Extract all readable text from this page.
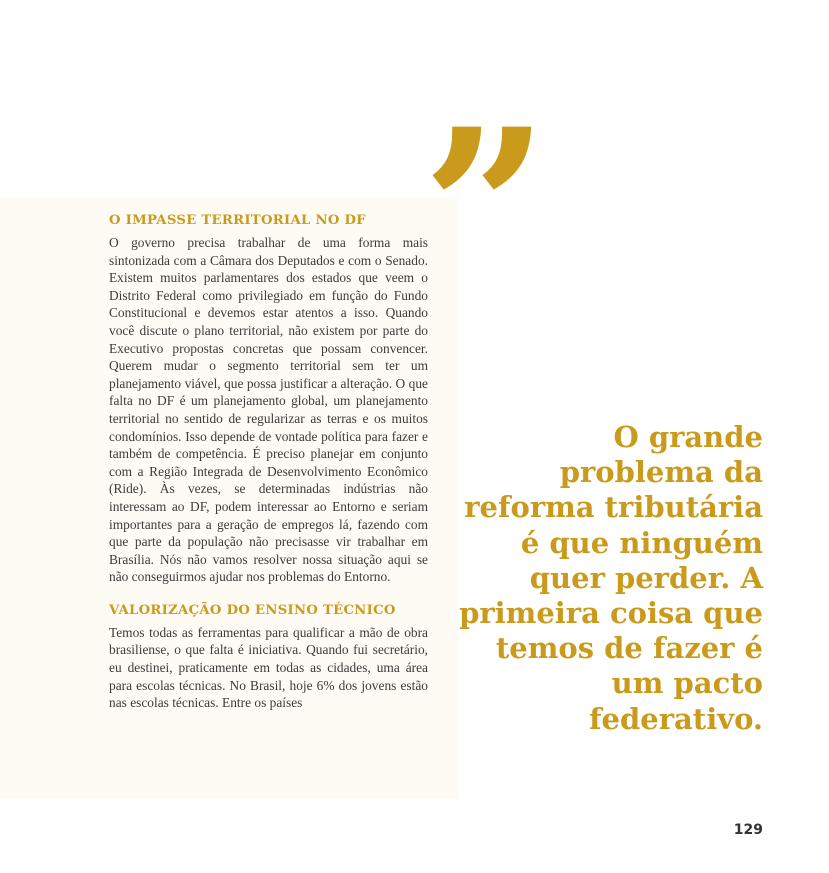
”
O IMPASSE TERRITORIAL NO DF

O governo precisa trabalhar de uma forma mais sintonizada com a Câmara dos Deputados e com o Senado. Existem muitos parlamentares dos estados que veem o Distrito Federal como privilegiado em função do Fundo Constitucional e devemos estar atentos a isso. Quando você discute o plano territorial, não existem por parte do Executivo propostas concretas que possam convencer. Querem mudar o segmento territorial sem ter um planejamento viável, que possa justificar a alteração. O que falta no DF é um planejamento global, um planejamento territorial no sentido de regularizar as terras e os muitos condomínios. Isso depende de vontade política para fazer e também de competência. É preciso planejar em conjunto com a Região Integrada de Desenvolvimento Econômico (Ride). Às vezes, se determinadas indústrias não interessam ao DF, podem interessar ao Entorno e seriam importantes para a geração de empregos lá, fazendo com que parte da população não precisasse vir trabalhar em Brasília. Nós não vamos resolver nossa situação aqui se não conseguirmos ajudar nos problemas do Entorno.

VALORIZAÇÃO DO ENSINO TÉCNICO

Temos todas as ferramentas para qualificar a mão de obra brasiliense, o que falta é iniciativa. Quando fui secretário, eu destinei, praticamente em todas as cidades, uma área para escolas técnicas. No Brasil, hoje 6% dos jovens estão nas escolas técnicas. Entre os países

O grande problema da reforma tributária é que ninguém quer perder. A primeira coisa que temos de fazer é um pacto federativo.
129
